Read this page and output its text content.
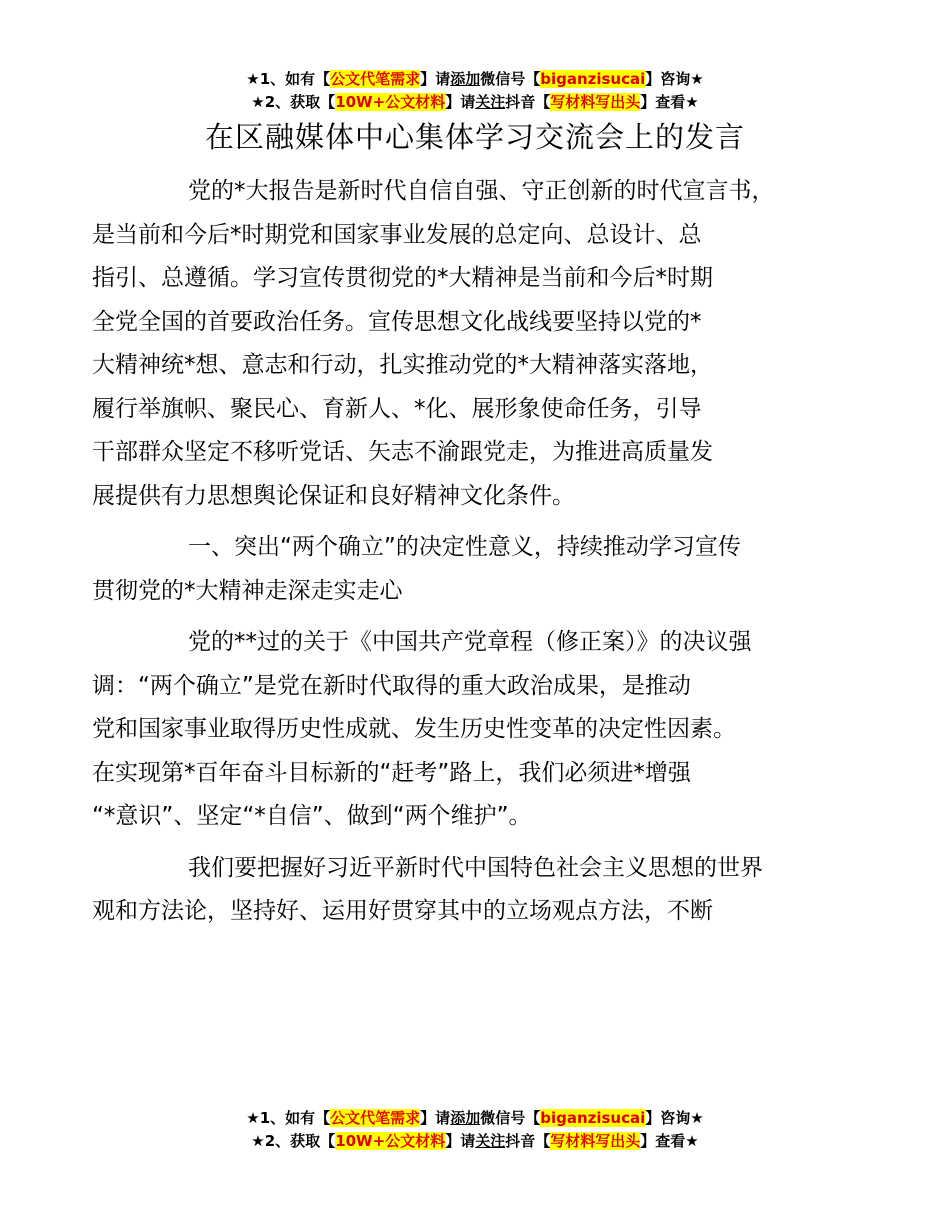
★1、如有【公文代笔需求】请添加微信号【biganzisucai】咨询★
★2、获取【10W+公文材料】请关注抖音【写材料写出头】查看★
在区融媒体中心集体学习交流会上的发言

党的*大报告是新时代自信自强、守正创新的时代宣言书，
是当前和今后*时期党和国家事业发展的总定向、总设计、总
指引、总遵循。学习宣传贯彻党的*大精神是当前和今后*时期
全党全国的首要政治任务。宣传思想文化战线要坚持以党的*
大精神统*想、意志和行动，扎实推动党的*大精神落实落地，
履行举旗帜、聚民心、育新人、*化、展形象使命任务，引导
干部群众坚定不移听党话、矢志不渝跟党走，为推进高质量发
展提供有力思想舆论保证和良好精神文化条件。

一、突出“两个确立”的决定性意义，持续推动学习宣传
贯彻党的*大精神走深走实走心

党的**过的关于《中国共产党章程（修正案）》的决议强
调：“两个确立”是党在新时代取得的重大政治成果，是推动
党和国家事业取得历史性成就、发生历史性变革的决定性因素。
在实现第*百年奋斗目标新的“赶考”路上，我们必须进*增强
“*意识”、坚定“*自信”、做到“两个维护”。

我们要把握好习近平新时代中国特色社会主义思想的世界
观和方法论，坚持好、运用好贯穿其中的立场观点方法，不断

★1、如有【公文代笔需求】请添加微信号【biganzisucai】咨询★
★2、获取【10W+公文材料】请关注抖音【写材料写出头】查看★
